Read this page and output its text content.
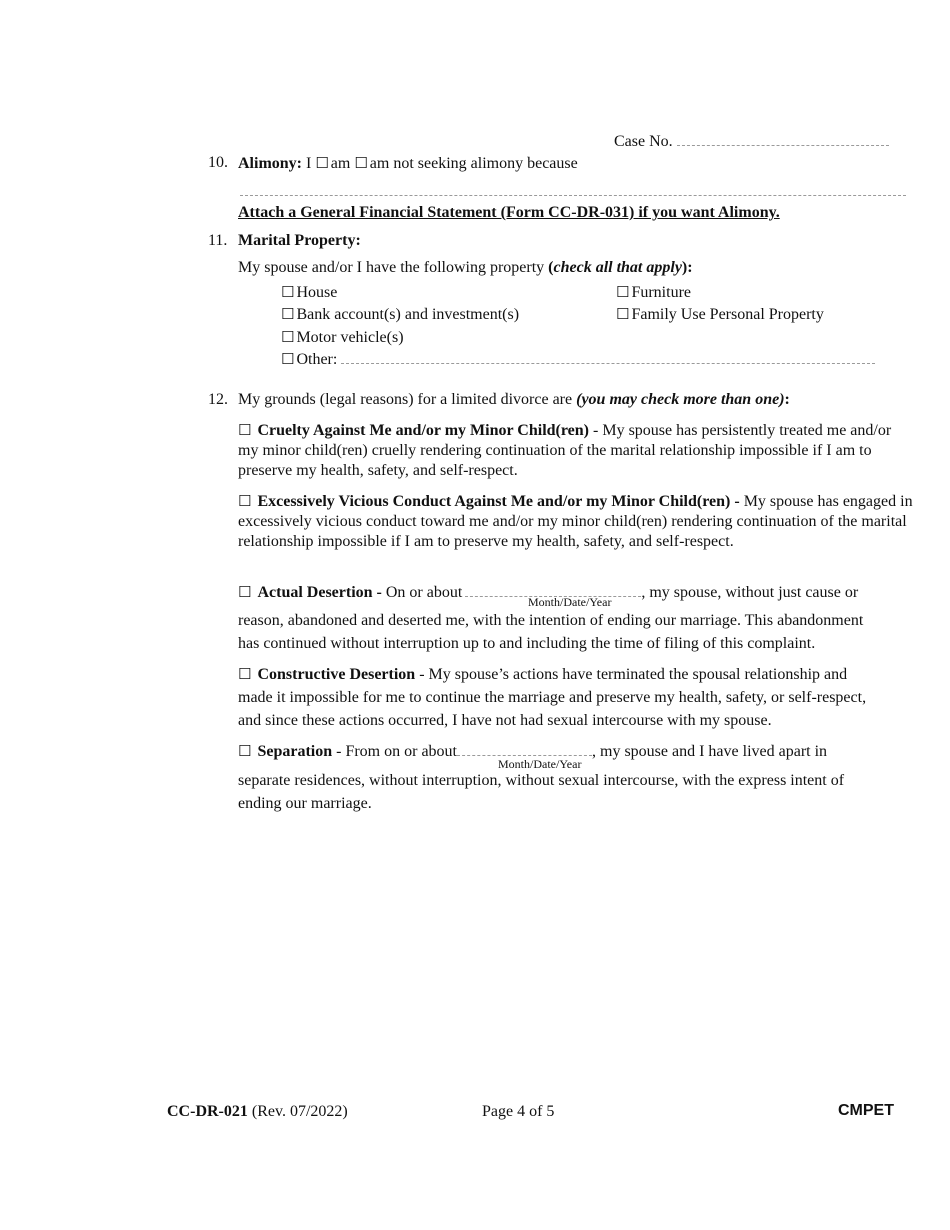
Case No.
10. Alimony: I ☐ am ☐ am not seeking alimony because
Attach a General Financial Statement (Form CC-DR-031) if you want Alimony.
11. Marital Property:
My spouse and/or I have the following property (check all that apply):
☐ House	☐ Furniture
☐ Bank account(s) and investment(s)	☐ Family Use Personal Property
☐ Motor vehicle(s)
☐ Other:
12. My grounds (legal reasons) for a limited divorce are (you may check more than one):
☐ Cruelty Against Me and/or my Minor Child(ren) - My spouse has persistently treated me and/or my minor child(ren) cruelly rendering continuation of the marital relationship impossible if I am to preserve my health, safety, and self-respect.
☐ Excessively Vicious Conduct Against Me and/or my Minor Child(ren) - My spouse has engaged in excessively vicious conduct toward me and/or my minor child(ren) rendering continuation of the marital relationship impossible if I am to preserve my health, safety, and self-respect.
☐ Actual Desertion - On or about	, my spouse, without just cause or
Month/Date/Year
reason, abandoned and deserted me, with the intention of ending our marriage. This abandonment
has continued without interruption up to and including the time of filing of this complaint.
☐ Constructive Desertion - My spouse’s actions have terminated the spousal relationship and
made it impossible for me to continue the marriage and preserve my health, safety, or self-respect,
and since these actions occurred, I have not had sexual intercourse with my spouse.
☐ Separation - From on or about	, my spouse and I have lived apart in
Month/Date/Year
separate residences, without interruption, without sexual intercourse, with the express intent of
ending our marriage.
CC-DR-021 (Rev. 07/2022)	Page 4 of 5	CMPET
